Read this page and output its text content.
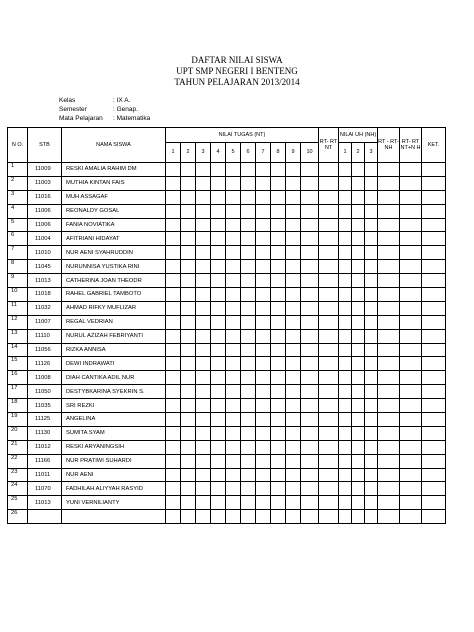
DAFTAR NILAI SISWA
UPT SMP NEGERI I BENTENG
TAHUN PELAJARAN 2013/2014
Kelas	: IX A.
Semester	: Genap.
Mata Pelajaran	: Matematika
N O.	STB	NAMA SISWA	NILAI TUGAS (NT)										RT- RT NT	NILAI UH (NH)			RT - RT- NH	RT- RT NT+N H	KET.
			1	2	3	4	5	6	7	8	9	10		1	2	3			
1	11009	RESKI AMALIA RAHIM DM																	
2	11003	MUTHIA KINTAN FAIS																	
3	11016	MUH ASSAGAF																	
4	11006	REONALDY GOSAL																	
5	11006	FANIA NOVIATIKA																	
6	11004	AFITRIANI HIDAYAT																	
7	11010	NUR AENI SYAHRUDDIN																	
8	11045	NURUNNISA YUSTIKA RINI																	
9	11013	CATHERINA JOAN THEODR																	
10	11018	RAHEL GABRIEL TAMBOTO																	
11	11032	AHMAD RIFKY MUFLIZAR																	
12	11007	REGAL VEDRIAN																	
13	11110	NURUL AZIZAH FEBRIYANTI																	
14	11056	RIZKA ANNISA																	
15	11126	DEWI INDRAWATI																	
16	11008	DIAH CANTIKA ADIL NUR																	
17	11050	DESTYBKARINA SYEKRIN S.																	
18	11035	SRI REZKI																	
19	11125	ANGELINA																	
20	11130	SUMITA SYAM																	
21	11012	RESKI ARYANINGSIH																	
22	11166	NUR PRATIWI SUHARDI																	
23	11011	NUR AENI																	
24	11070	FADHILAH ALIYYAH RASYID																	
25	11013	YUNI VERNILIANTY																	
26																			
